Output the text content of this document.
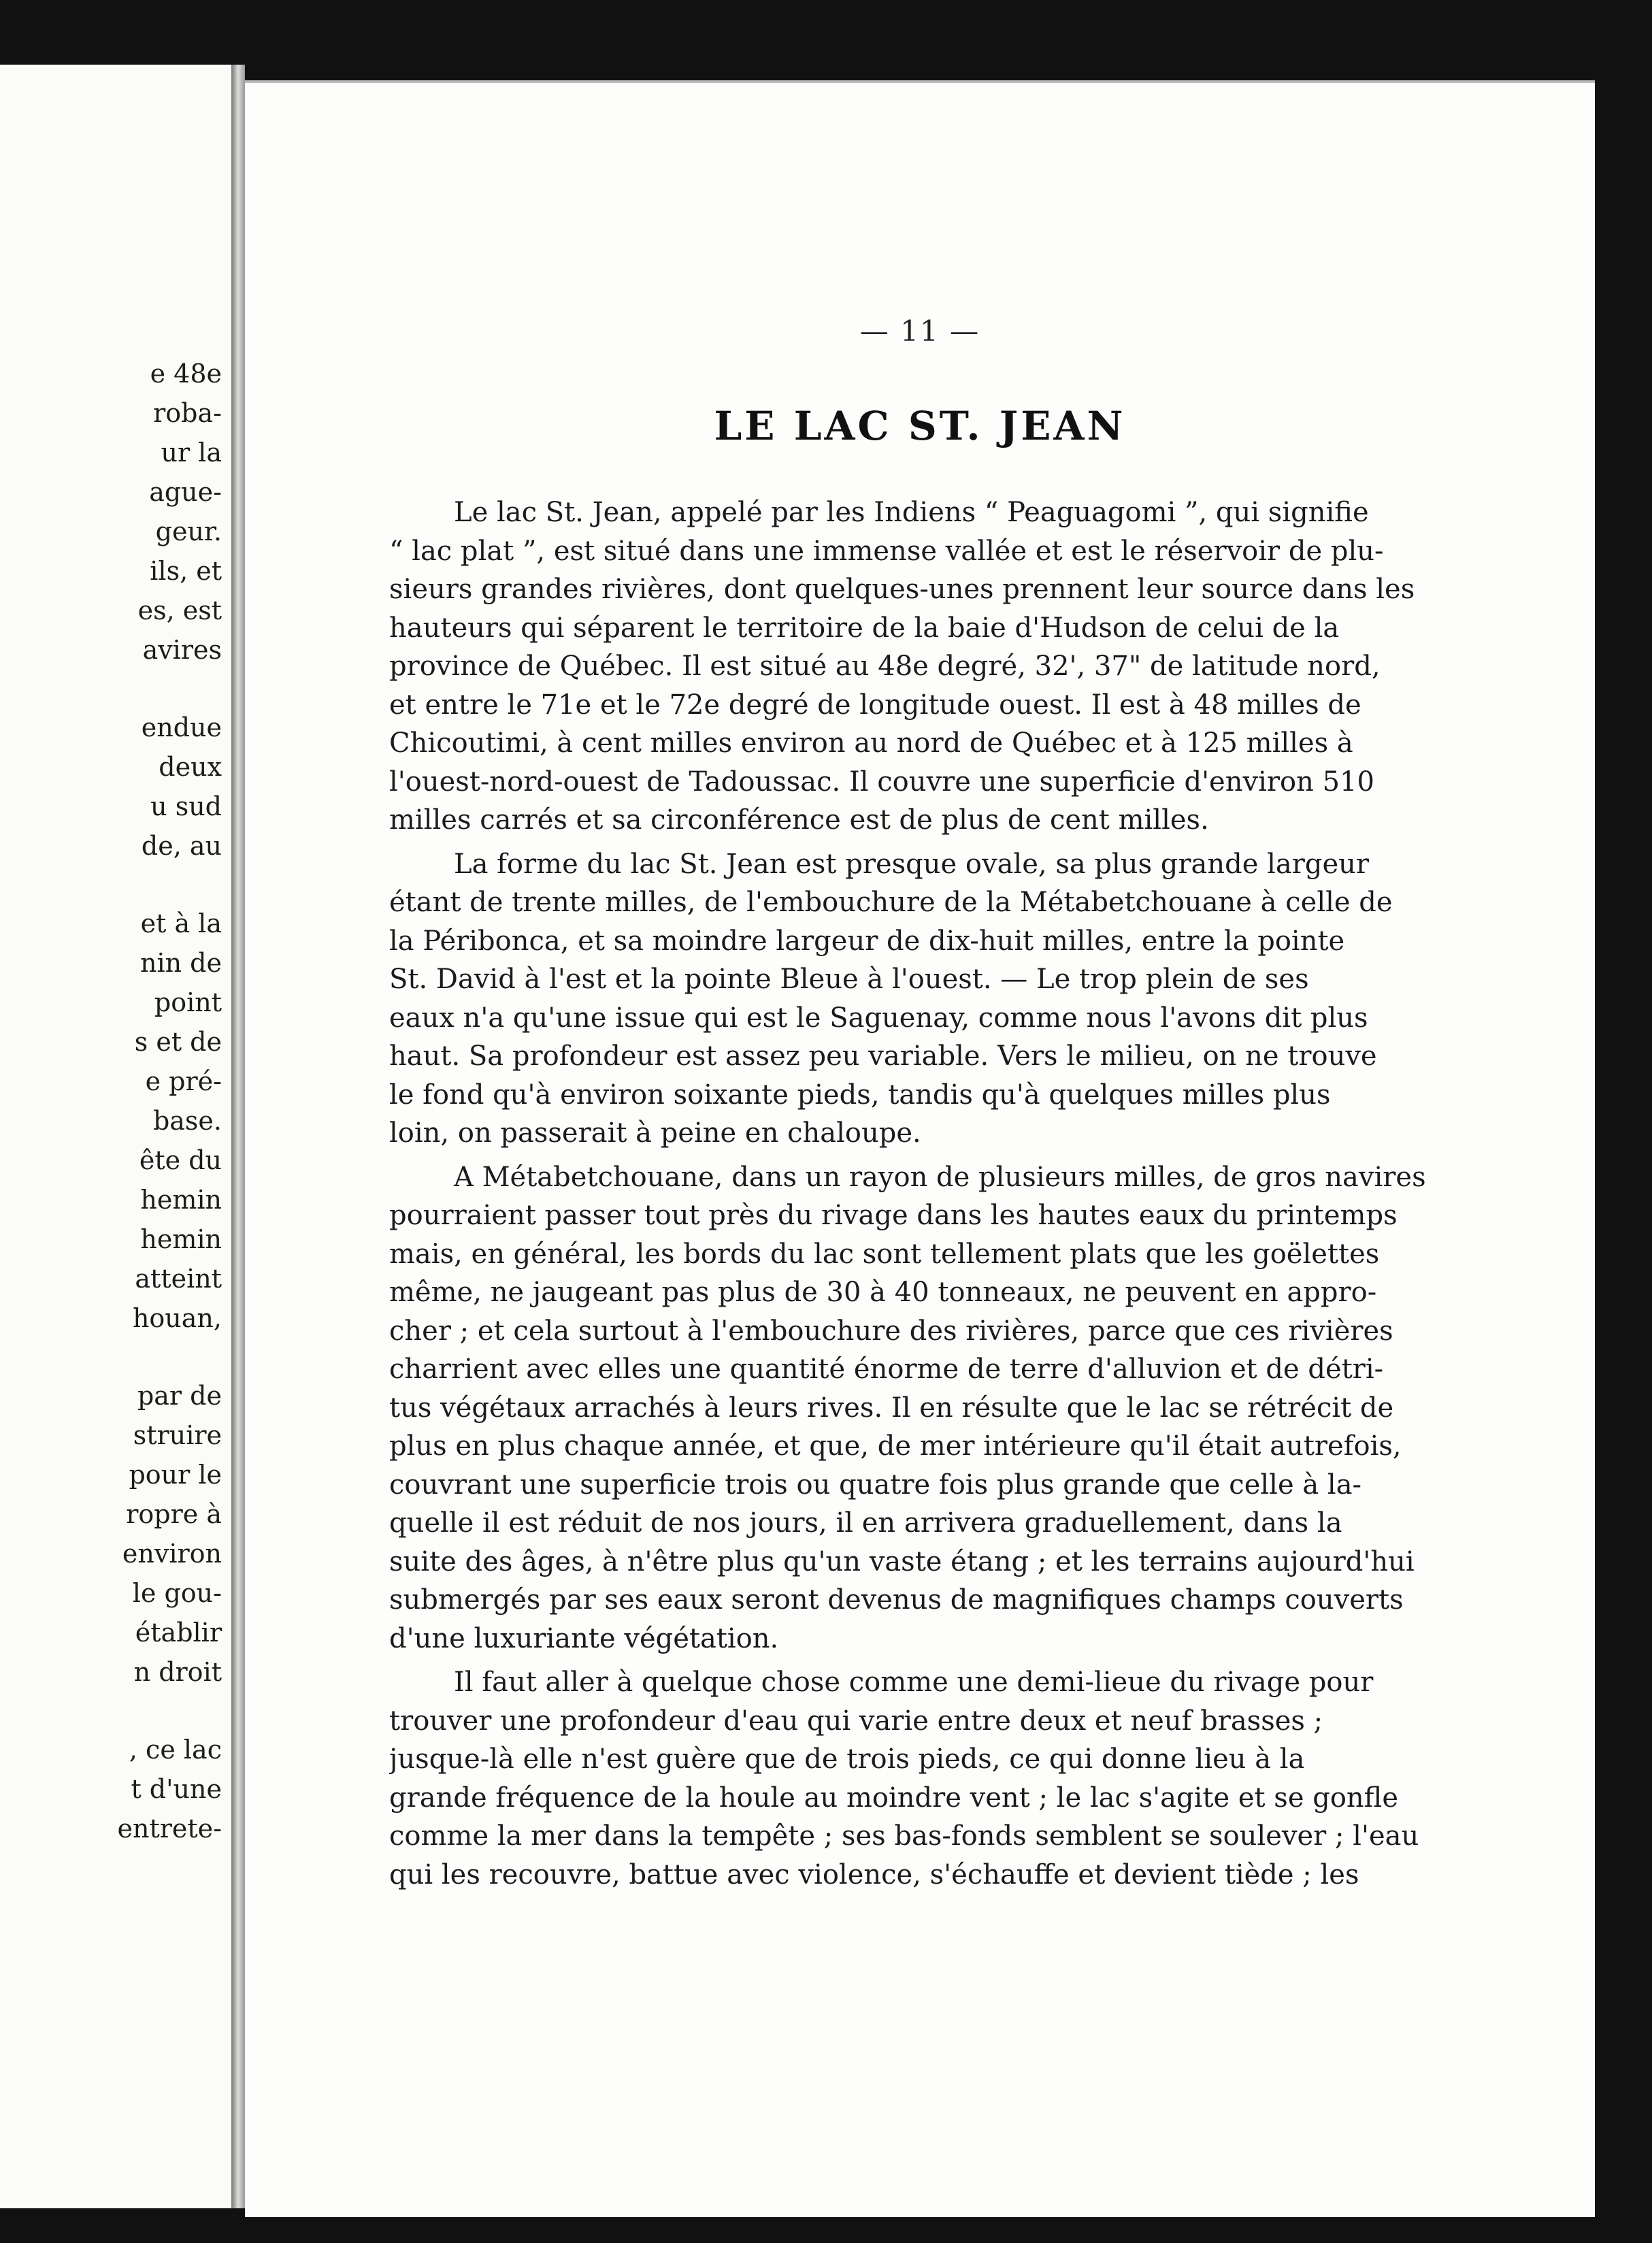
e 48e
roba-
ur la
ague-
geur.
ils, et
es, est
avires
endue
deux
u sud
de, au
et à la
nin de
point
s et de
e pré-
base.
ête du
hemin
hemin
atteint
houan,
par de
struire
pour le
ropre à
environ
le gou-
établir
n droit
, ce lac
t d'une
entrete-
— 11 —
LE LAC ST. JEAN
Le lac St. Jean, appelé par les Indiens “ Peaguagomi ”, qui signifie
“ lac plat ”, est situé dans une immense vallée et est le réservoir de plu-
sieurs grandes rivières, dont quelques-unes prennent leur source dans les
hauteurs qui séparent le territoire de la baie d'Hudson de celui de la
province de Québec. Il est situé au 48e degré, 32', 37" de latitude nord,
et entre le 71e et le 72e degré de longitude ouest. Il est à 48 milles de
Chicoutimi, à cent milles environ au nord de Québec et à 125 milles à
l'ouest-nord-ouest de Tadoussac. Il couvre une superficie d'environ 510
milles carrés et sa circonférence est de plus de cent milles.
La forme du lac St. Jean est presque ovale, sa plus grande largeur
étant de trente milles, de l'embouchure de la Métabetchouane à celle de
la Péribonca, et sa moindre largeur de dix-huit milles, entre la pointe
St. David à l'est et la pointe Bleue à l'ouest. — Le trop plein de ses
eaux n'a qu'une issue qui est le Saguenay, comme nous l'avons dit plus
haut. Sa profondeur est assez peu variable. Vers le milieu, on ne trouve
le fond qu'à environ soixante pieds, tandis qu'à quelques milles plus
loin, on passerait à peine en chaloupe.
A Métabetchouane, dans un rayon de plusieurs milles, de gros navires
pourraient passer tout près du rivage dans les hautes eaux du printemps
mais, en général, les bords du lac sont tellement plats que les goëlettes
même, ne jaugeant pas plus de 30 à 40 tonneaux, ne peuvent en appro-
cher ; et cela surtout à l'embouchure des rivières, parce que ces rivières
charrient avec elles une quantité énorme de terre d'alluvion et de détri-
tus végétaux arrachés à leurs rives. Il en résulte que le lac se rétrécit de
plus en plus chaque année, et que, de mer intérieure qu'il était autrefois,
couvrant une superficie trois ou quatre fois plus grande que celle à la-
quelle il est réduit de nos jours, il en arrivera graduellement, dans la
suite des âges, à n'être plus qu'un vaste étang ; et les terrains aujourd'hui
submergés par ses eaux seront devenus de magnifiques champs couverts
d'une luxuriante végétation.
Il faut aller à quelque chose comme une demi-lieue du rivage pour
trouver une profondeur d'eau qui varie entre deux et neuf brasses ;
jusque-là elle n'est guère que de trois pieds, ce qui donne lieu à la
grande fréquence de la houle au moindre vent ; le lac s'agite et se gonfle
comme la mer dans la tempête ; ses bas-fonds semblent se soulever ; l'eau
qui les recouvre, battue avec violence, s'échauffe et devient tiède ; les
